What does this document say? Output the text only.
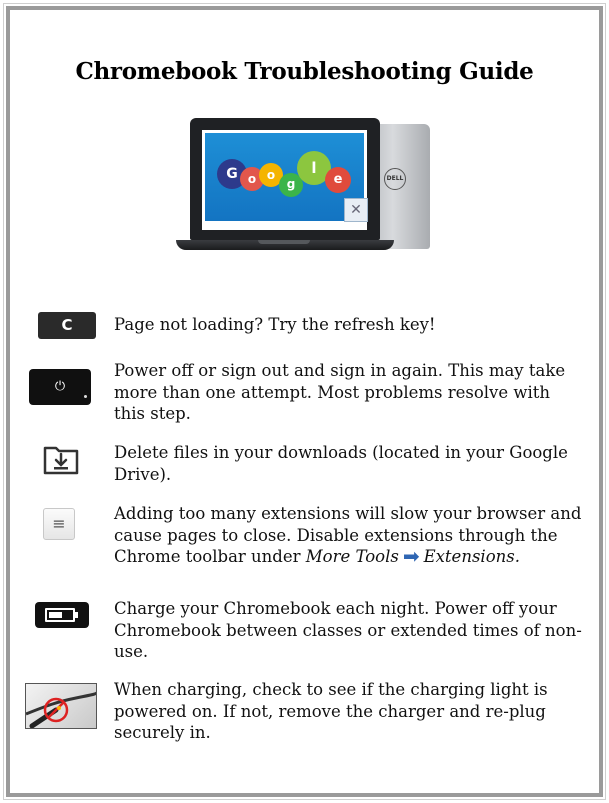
Chromebook Troubleshooting Guide
DELL
G o o
g
l
e
✕
C	Page not loading? Try the refresh key!

⏻

Power off or sign out and sign in again. This may take more than one attempt. Most problems resolve with this step.

Delete files in your downloads (located in your Google Drive).

≡

Adding too many extensions will slow your browser and cause pages to close. Disable extensions through the Chrome toolbar under More Tools ➡ Extensions.

Charge your Chromebook each night. Power off your Chromebook between classes or extended times of non-use.

When charging, check to see if the charging light is powered on. If not, remove the charger and re-plug securely in.
